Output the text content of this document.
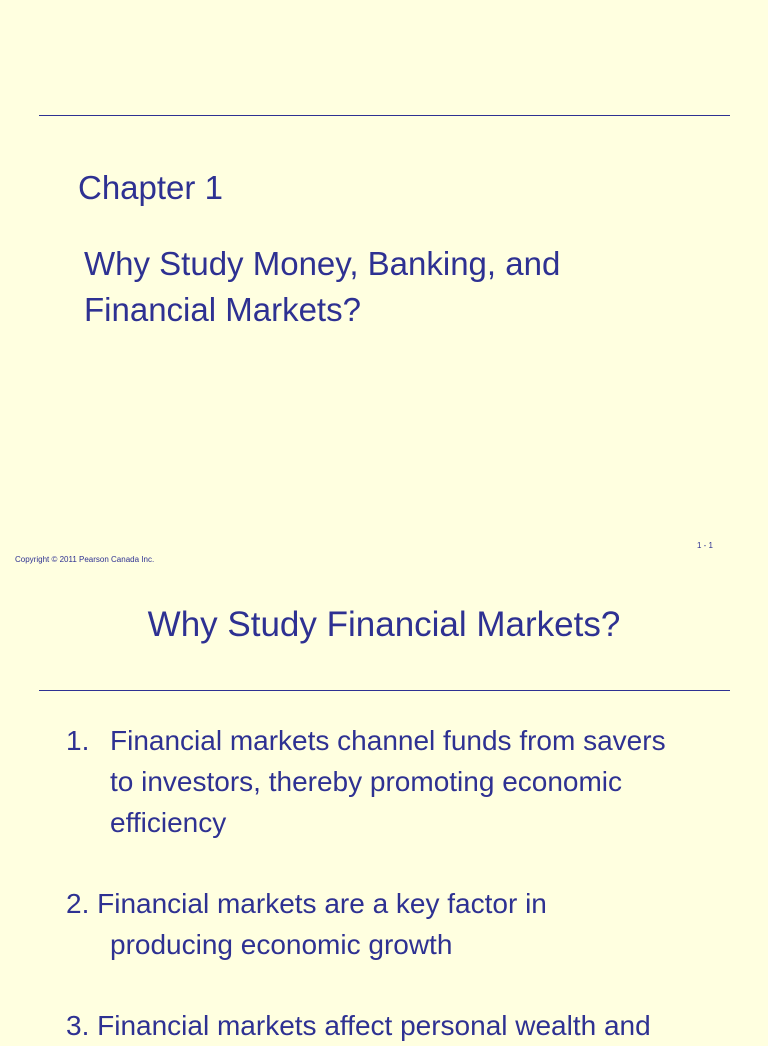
Chapter 1
Why Study Money, Banking, and
Financial Markets?
1 - 1
Copyright © 2011 Pearson Canada Inc.
Why Study Financial Markets?
1. Financial markets channel funds from savers
to investors, thereby promoting economic
efficiency
2. Financial markets are a key factor in
producing economic growth
3. Financial markets affect personal wealth and
